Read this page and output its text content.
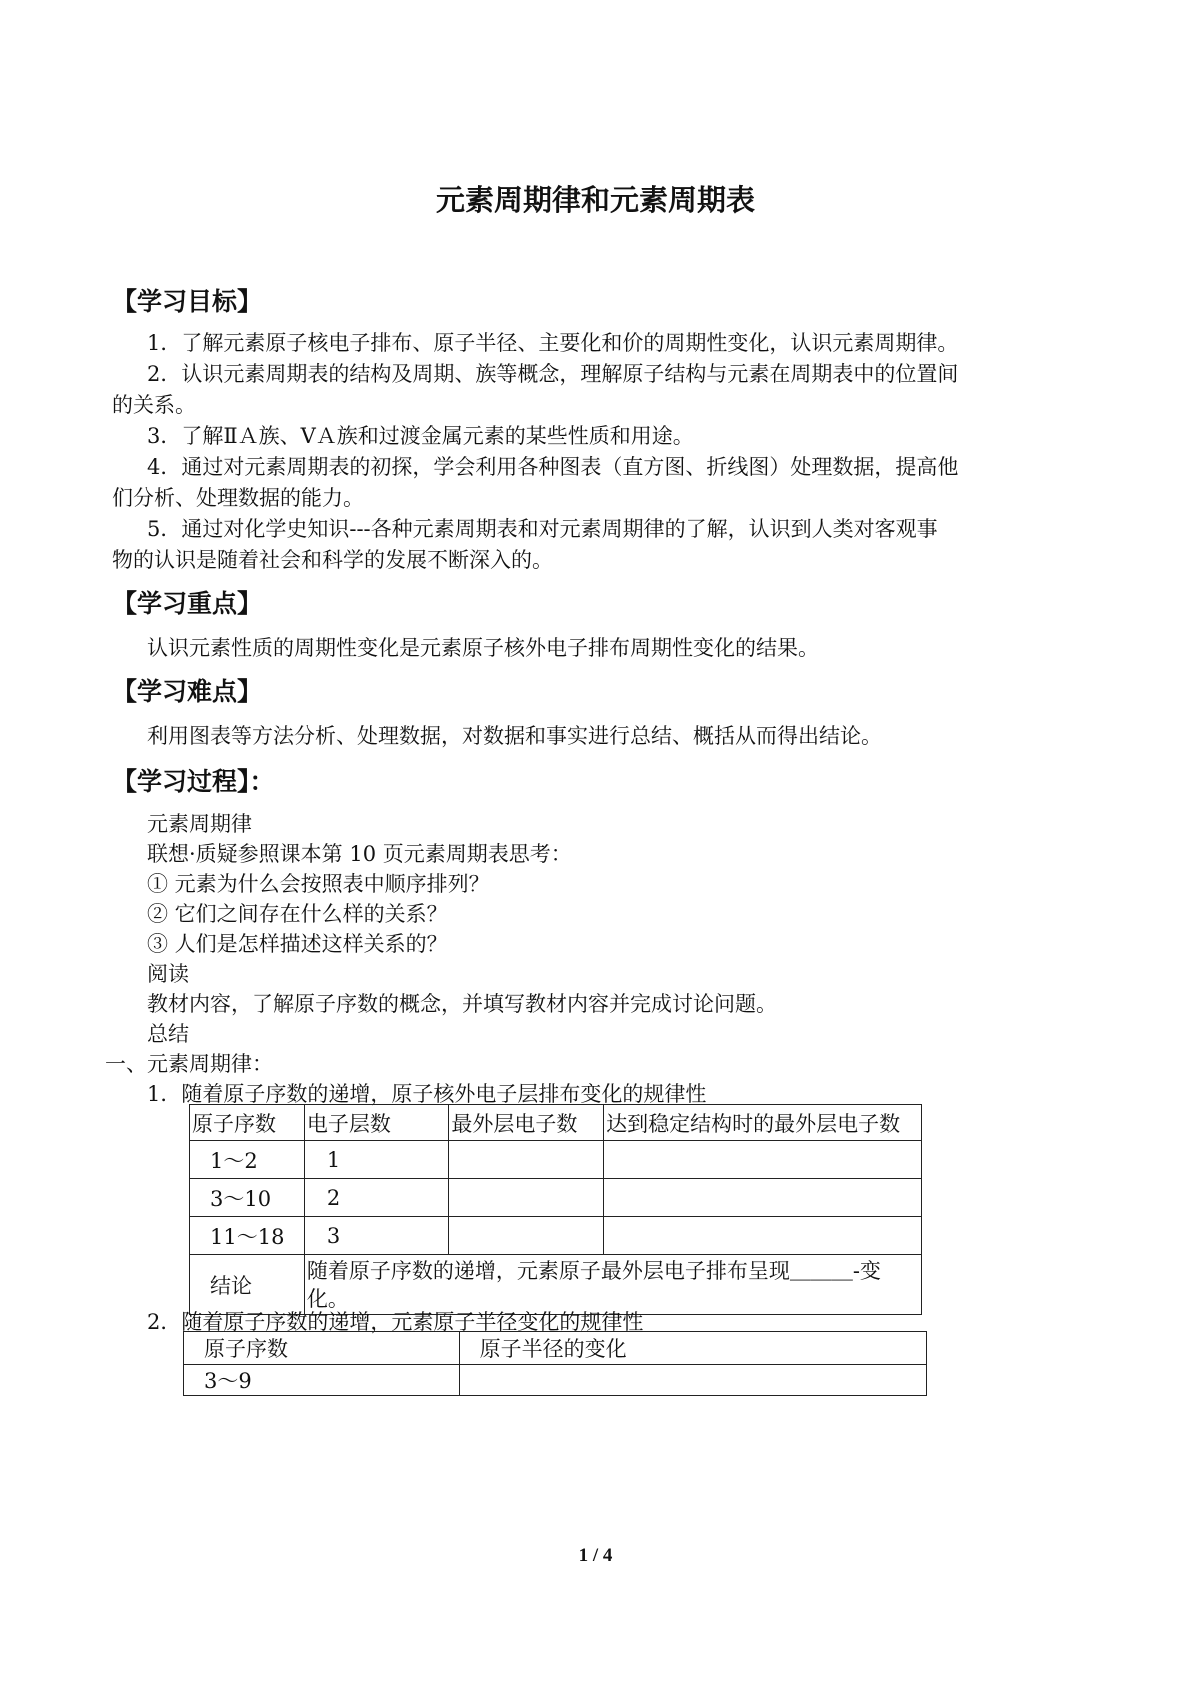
元素周期律和元素周期表
【学习目标】
1．了解元素原子核电子排布、原子半径、主要化和价的周期性变化，认识元素周期律。
2．认识元素周期表的结构及周期、族等概念，理解原子结构与元素在周期表中的位置间
的关系。
3．了解ⅡＡ族、ⅤＡ族和过渡金属元素的某些性质和用途。
4．通过对元素周期表的初探，学会利用各种图表（直方图、折线图）处理数据，提高他
们分析、处理数据的能力。
5．通过对化学史知识---各种元素周期表和对元素周期律的了解，认识到人类对客观事
物的认识是随着社会和科学的发展不断深入的。
【学习重点】
认识元素性质的周期性变化是元素原子核外电子排布周期性变化的结果。
【学习难点】
利用图表等方法分析、处理数据，对数据和事实进行总结、概括从而得出结论。
【学习过程】：
元素周期律
联想·质疑参照课本第 10 页元素周期表思考：
① 元素为什么会按照表中顺序排列？
② 它们之间存在什么样的关系？
③ 人们是怎样描述这样关系的？
阅读
教材内容，了解原子序数的概念，并填写教材内容并完成讨论问题。
总结
一、元素周期律：
1．随着原子序数的递增，原子核外电子层排布变化的规律性
原子序数	电子层数	最外层电子数	达到稳定结构时的最外层电子数
1～2	1		
3～10	2		
11～18	3		
结论	随着原子序数的递增，元素原子最外层电子排布呈现＿＿＿-变化。		
2．随着原子序数的递增，元素原子半径变化的规律性
原子序数	原子半径的变化
3～9	
1 / 4
